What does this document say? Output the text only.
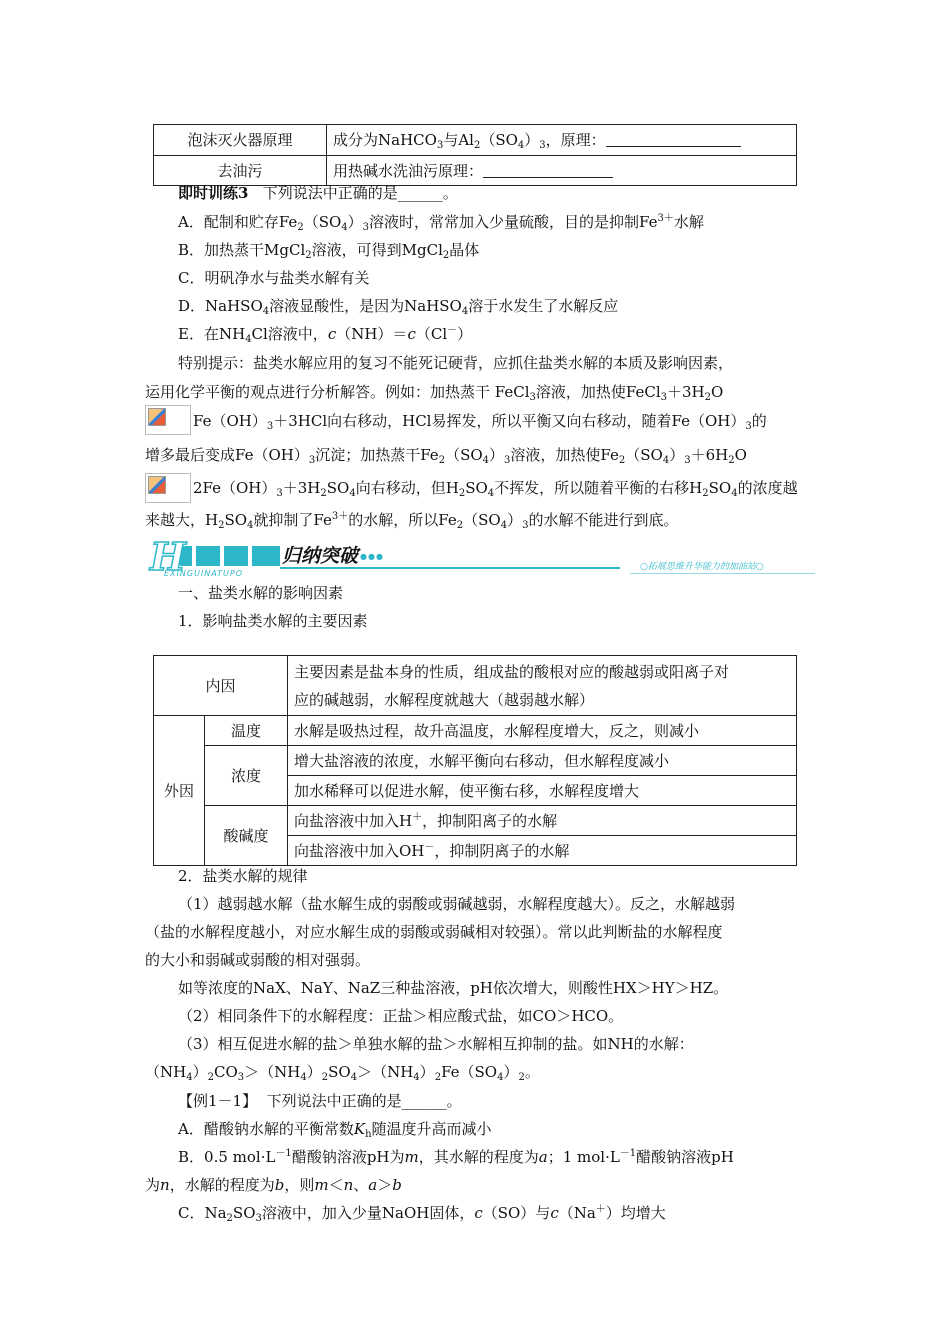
泡沫灭火器原理	成分为NaHCO$_3$与$Al_2(SO_4)_3$，原理：
去油污	用热碱水洗油污原理：
即时训练3 下列说法中正确的是______。
A．配制和贮存$Fe_2(SO_4)_3$溶液时，常常加入少量硫酸，目的是抑制$Fe^{3+}$水解
B．加热蒸干MgCl$_2$溶液，可得到MgCl$_2$晶体
C．明矾净水与盐类水解有关
D．NaHSO$_4$溶液显酸性，是因为NaHSO$_4$溶于水发生了水解反应
E．在$NH_4Cl$溶液中，c（NH）＝c（Cl－）
特别提示：盐类水解应用的复习不能死记硬背，应抓住盐类水解的本质及影响因素，
运用化学平衡的观点进行分析解答。例如：加热蒸干 FeCl$_3$溶液，加热使$FeCl_3+3H_2O$
$Fe(OH)_3+3HCl$向右移动，HCl易挥发，所以平衡又向右移动，随着$Fe(OH)_3$的
增多最后变成$Fe(OH)_3$沉淀；加热蒸干$Fe_2(SO_4)_3$溶液，加热使$Fe_2(SO_4)_3+6H_2O$
$2Fe(OH)_3+3H_2SO_4$向右移动，但$H_2SO_4$不挥发，所以随着平衡的右移$H_2SO_4$的浓度越
来越大，$H_2SO_4$就抑制了$Fe^{3+}$的水解，所以$Fe_2(SO_4)_3$的水解不能进行到底。
H	归纳突破 ●●●
EXINGUINATUPO
○拓展思维升华能力的加油站○
一、盐类水解的影响因素
1．影响盐类水解的主要因素
内因		主要因素是盐本身的性质，组成盐的酸根对应的酸越弱或阳离子对
应的碱越弱，水解程度就越大（越弱越水解）
外因	温度	水解是吸热过程，故升高温度，水解程度增大，反之，则减小
	浓度	增大盐溶液的浓度，水解平衡向右移动，但水解程度减小
		加水稀释可以促进水解，使平衡右移，水解程度增大
	酸碱度	向盐溶液中加入H＋，抑制阳离子的水解
		向盐溶液中加入OH－，抑制阴离子的水解
2．盐类水解的规律
（1）越弱越水解（盐水解生成的弱酸或弱碱越弱，水解程度越大）。反之，水解越弱
（盐的水解程度越小，对应水解生成的弱酸或弱碱相对较强）。常以此判断盐的水解程度
的大小和弱碱或弱酸的相对强弱。
如等浓度的NaX、NaY、NaZ三种盐溶液，pH依次增大，则酸性HX＞HY＞HZ。
（2）相同条件下的水解程度：正盐＞相应酸式盐，如CO＞HCO。
（3）相互促进水解的盐＞单独水解的盐＞水解相互抑制的盐。如NH的水解：
$(NH_4)_2CO_3>(NH_4)_2SO_4>(NH_4)_2Fe(SO_4)_2$。
【例1－1】 下列说法中正确的是______。
A．醋酸钠水解的平衡常数$K_h$随温度升高而减小
B．0.5 $mol\cdot L^{-1}$醋酸钠溶液pH为m，其水解的程度为a；1 $mol\cdot L^{-1}$醋酸钠溶液pH
为n，水解的程度为b，则m＜n、a＞b
C．$Na_2SO_3$溶液中，加入少量NaOH固体，c（SO）与c（Na＋）均增大
